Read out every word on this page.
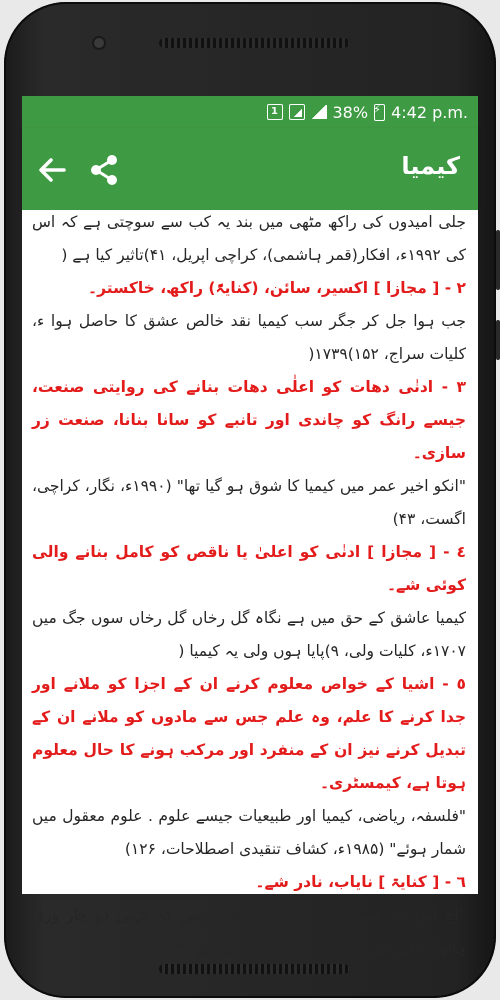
1	38%
⚡ 4:42 p.m.
کیمیا

جلی امیدوں کی راکھ مٹھی میں بند یہ کب سے سوچتی ہے کہ اس کی ۱۹۹۲ء، افکار(قمر ہاشمی)، کراچی اپریل، ۴۱)تاثیر کیا ہے (

۲ - [ مجازا ] اکسیر، سائن، (کنایۃً) راکھ، خاکستر۔

جب ہوا جل کر جگر سب کیمیا نقد خالص عشق کا حاصل ہوا ء، کلیات سراج، ۱۵۲)۱۷۳۹(

۳ - ادنٰی دھات کو اعلٰی دھات بنانے کی روایتی صنعت، جیسے رانگ کو چاندی اور تانبے کو سانا بنانا، صنعت زر سازی۔

"انکو اخیر عمر میں کیمیا کا شوق ہو گیا تھا" (۱۹۹۰ء، نگار، کراچی، اگست، ۴۳)

٤ - [ مجازا ] ادنٰی کو اعلیٰ یا ناقص کو کامل بنانے والی کوئی شے۔

کیمیا عاشق کے حق میں ہے نگاہ گل رخاں گل رخاں سوں جگ میں ۱۷۰۷ء، کلیات ولی، ۹)پایا ہوں ولی یہ کیمیا (

٥ - اشیا کے خواص معلوم کرنے ان کے اجزا کو ملانے اور جدا کرنے کا علم، وہ علم جس سے مادوں کو ملانے ان کے تبدیل کرنے نیز ان کے منفرد اور مرکب ہونے کا حال معلوم ہوتا ہے، کیمسٹری۔

"فلسفہ، ریاضی، کیمیا اور طبیعیات جیسے علوم . علوم معقول میں شمار ہوئے" (۱۹۸۵ء، کشاف تنقیدی اصطلاحات، ۱۲۶)

٦ - [ کنایۃ ] نایاب، نادر شے۔

"آج اس کی تصنیفات اس طرح مفقود ہیں کہ کہیں دو چار ورق ہاتھ آ جاتے ہیں تو لوگ کیمیا سمجھتے ہیں۔"
